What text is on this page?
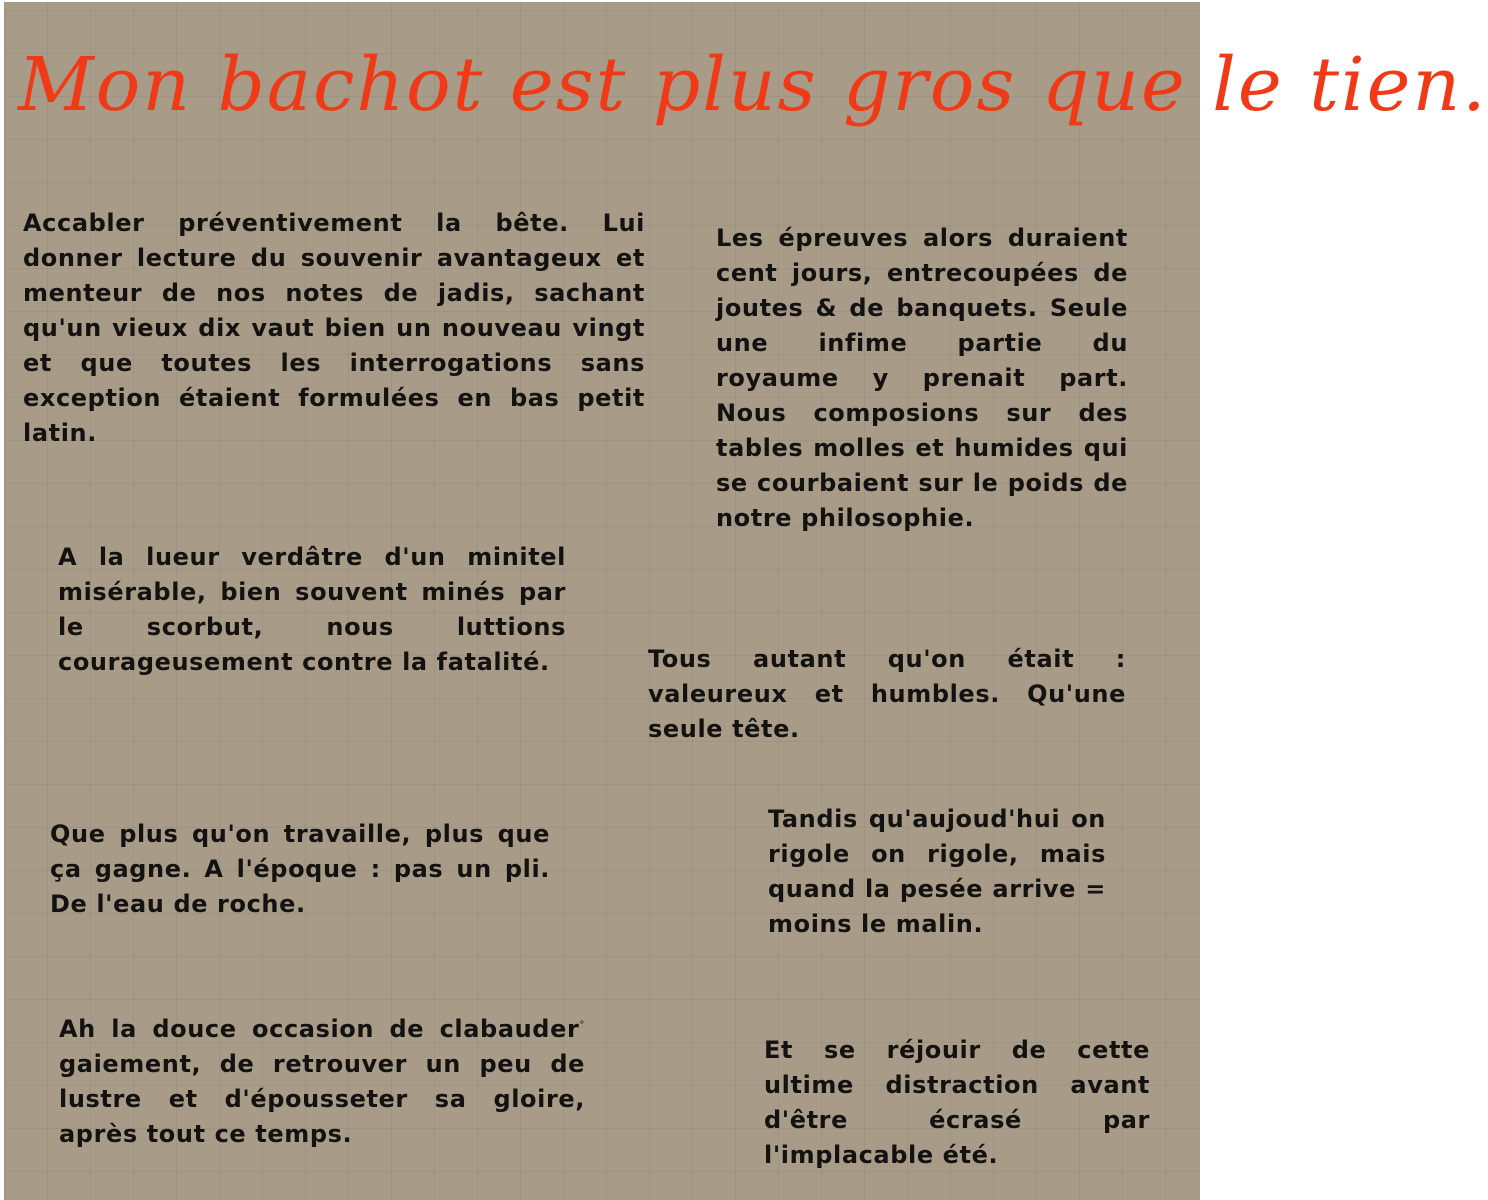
Mon bachot est plus gros que le tien.

Accabler préventivement la bête. Lui donner lecture du souvenir avantageux et menteur de nos notes de jadis, sachant qu'un vieux dix vaut bien un nouveau vingt et que toutes les interrogations sans exception étaient formulées en bas petit latin.

Les épreuves alors duraient cent jours, entrecoupées de joutes & de banquets. Seule une infime partie du royaume y prenait part. Nous composions sur des tables molles et humides qui se courbaient sur le poids de notre philosophie.

A la lueur verdâtre d'un minitel misérable, bien souvent minés par le scorbut, nous luttions courageusement contre la fatalité.	Tous autant qu'on était : valeureux et humbles. Qu'une seule tête.

Que plus qu'on travaille, plus que ça gagne. A l'époque : pas un pli. De l'eau de roche.

Tandis qu'aujoud'hui on rigole on rigole, mais quand la pesée arrive = moins le malin.

Ah la douce occasion de clabauder° gaiement, de retrouver un peu de lustre et d'épousseter sa gloire, après tout ce temps.

Et se réjouir de cette ultime distraction avant d'être écrasé par l'implacable été.
